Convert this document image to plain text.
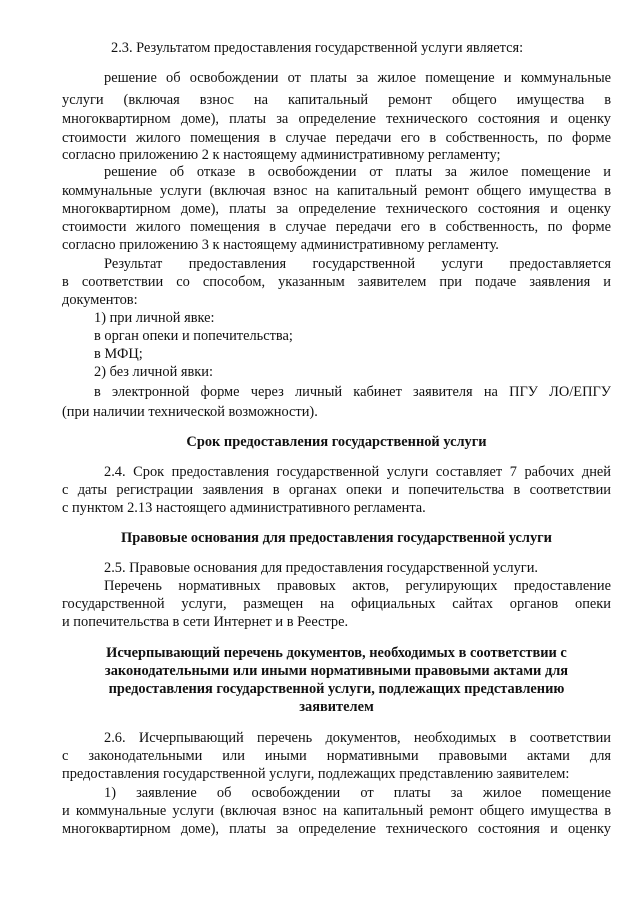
2.3. Результатом предоставления государственной услуги является:

решение об освобождении от платы за жилое помещение и коммунальные

услуги (включая взнос на капитальный ремонт общего имущества в

многоквартирном доме), платы за определение технического состояния и оценку

стоимости жилого помещения в случае передачи его в собственность, по форме

согласно приложению 2 к настоящему административному регламенту;

решение об отказе в освобождении от платы за жилое помещение и

коммунальные услуги (включая взнос на капитальный ремонт общего имущества в

многоквартирном доме), платы за определение технического состояния и оценку

стоимости жилого помещения в случае передачи его в собственность, по форме

согласно приложению 3 к настоящему административному регламенту.

Результат предоставления государственной услуги предоставляется

в соответствии со способом, указанным заявителем при подаче заявления и

документов:

1) при личной явке:

в орган опеки и попечительства;

в МФЦ;

2) без личной явки:

в электронной форме через личный кабинет заявителя на ПГУ ЛО/ЕПГУ

(при наличии технической возможности).

Срок предоставления государственной услуги

2.4. Срок предоставления государственной услуги составляет 7 рабочих дней

с даты регистрации заявления в органах опеки и попечительства в соответствии

с пунктом 2.13 настоящего административного регламента.

Правовые основания для предоставления государственной услуги

2.5. Правовые основания для предоставления государственной услуги.

Перечень нормативных правовых актов, регулирующих предоставление

государственной услуги, размещен на официальных сайтах органов опеки

и попечительства в сети Интернет и в Реестре.

Исчерпывающий перечень документов, необходимых в соответствии с

законодательными или иными нормативными правовыми актами для

предоставления государственной услуги, подлежащих представлению

заявителем

2.6. Исчерпывающий перечень документов, необходимых в соответствии

с законодательными или иными нормативными правовыми актами для

предоставления государственной услуги, подлежащих представлению заявителем:

1) заявление об освобождении от платы за жилое помещение

и коммунальные услуги (включая взнос на капитальный ремонт общего имущества в

многоквартирном доме), платы за определение технического состояния и оценку
